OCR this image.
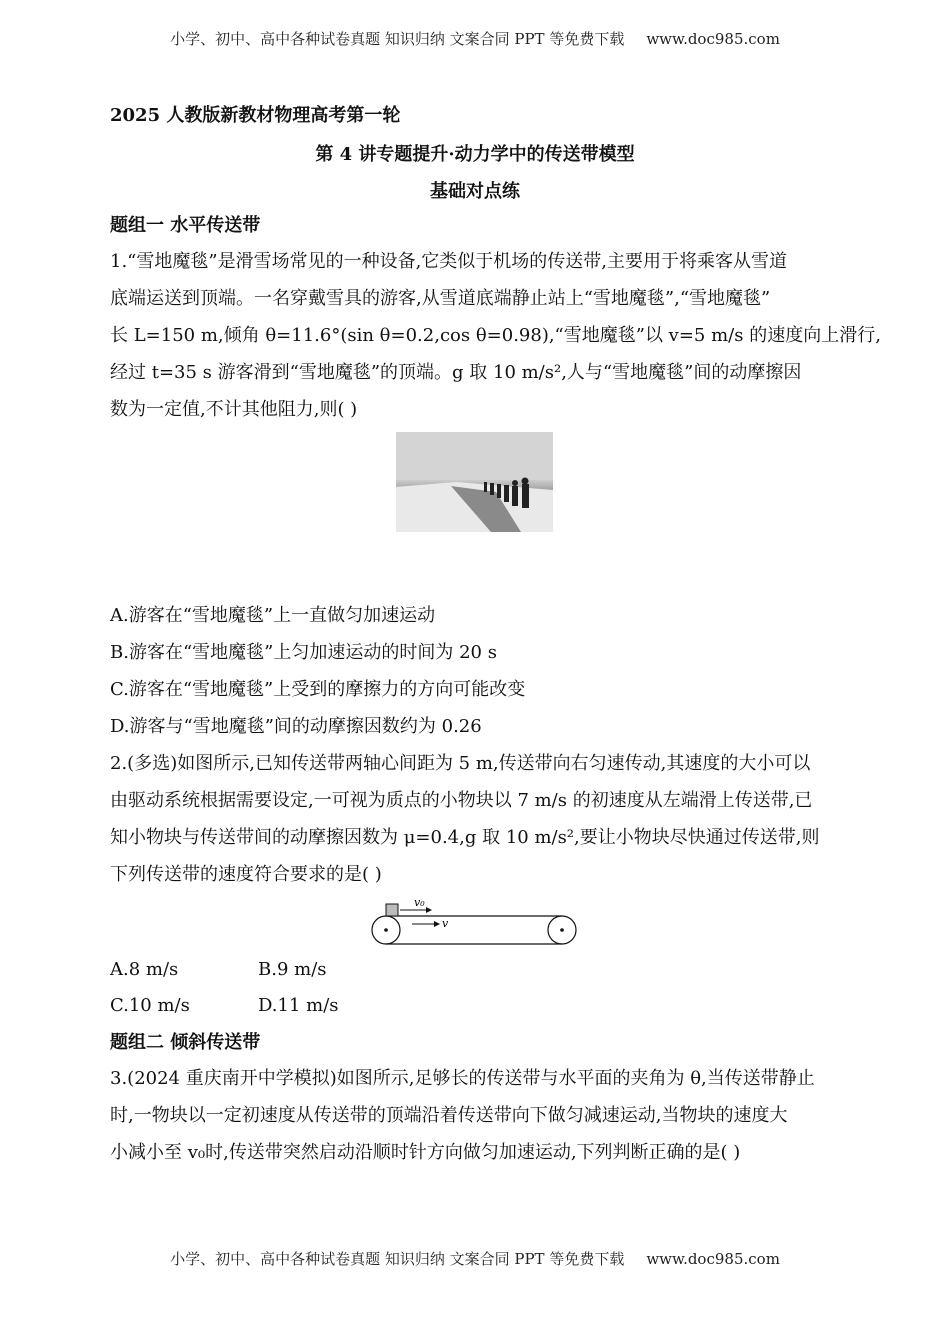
小学、初中、高中各种试卷真题 知识归纳 文案合同 PPT 等免费下载 www.doc985.com
2025 人教版新教材物理高考第一轮
第 4 讲专题提升·动力学中的传送带模型
基础对点练
题组一 水平传送带
1.“雪地魔毯”是滑雪场常见的一种设备,它类似于机场的传送带,主要用于将乘客从雪道
底端运送到顶端。一名穿戴雪具的游客,从雪道底端静止站上“雪地魔毯”,“雪地魔毯”
长 L=150 m,倾角 θ=11.6°(sin θ=0.2,cos θ=0.98),“雪地魔毯”以 v=5 m/s 的速度向上滑行,
经过 t=35 s 游客滑到“雪地魔毯”的顶端。g 取 10 m/s²,人与“雪地魔毯”间的动摩擦因
数为一定值,不计其他阻力,则( )
A.游客在“雪地魔毯”上一直做匀加速运动
B.游客在“雪地魔毯”上匀加速运动的时间为 20 s
C.游客在“雪地魔毯”上受到的摩擦力的方向可能改变
D.游客与“雪地魔毯”间的动摩擦因数约为 0.26
2.(多选)如图所示,已知传送带两轴心间距为 5 m,传送带向右匀速传动,其速度的大小可以
由驱动系统根据需要设定,一可视为质点的小物块以 7 m/s 的初速度从左端滑上传送带,已
知小物块与传送带间的动摩擦因数为 μ=0.4,g 取 10 m/s²,要让小物块尽快通过传送带,则
下列传送带的速度符合要求的是( )
v₀
v
A.8 m/s	B.9 m/s
C.10 m/s	D.11 m/s
题组二 倾斜传送带
3.(2024 重庆南开中学模拟)如图所示,足够长的传送带与水平面的夹角为 θ,当传送带静止
时,一物块以一定初速度从传送带的顶端沿着传送带向下做匀减速运动,当物块的速度大
小减小至 v₀时,传送带突然启动沿顺时针方向做匀加速运动,下列判断正确的是( )
小学、初中、高中各种试卷真题 知识归纳 文案合同 PPT 等免费下载 www.doc985.com
